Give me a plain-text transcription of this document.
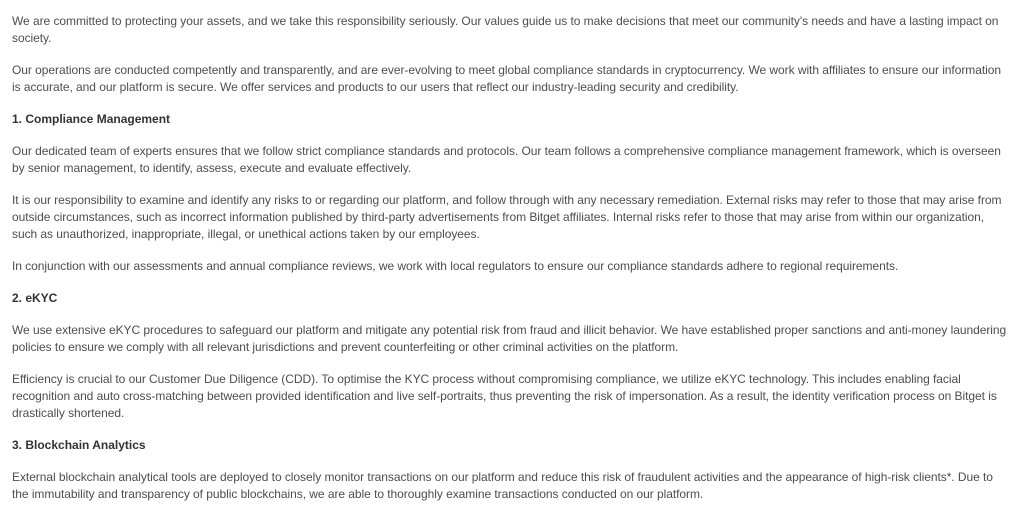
We are committed to protecting your assets, and we take this responsibility seriously. Our values guide us to make decisions that meet our community's needs and have a lasting impact on society.

Our operations are conducted competently and transparently, and are ever-evolving to meet global compliance standards in cryptocurrency. We work with affiliates to ensure our information is accurate, and our platform is secure. We offer services and products to our users that reflect our industry-leading security and credibility.

1. Compliance Management

Our dedicated team of experts ensures that we follow strict compliance standards and protocols. Our team follows a comprehensive compliance management framework, which is overseen by senior management, to identify, assess, execute and evaluate effectively.

It is our responsibility to examine and identify any risks to or regarding our platform, and follow through with any necessary remediation. External risks may refer to those that may arise from outside circumstances, such as incorrect information published by third-party advertisements from Bitget affiliates. Internal risks refer to those that may arise from within our organization, such as unauthorized, inappropriate, illegal, or unethical actions taken by our employees.

In conjunction with our assessments and annual compliance reviews, we work with local regulators to ensure our compliance standards adhere to regional requirements.

2. eKYC

We use extensive eKYC procedures to safeguard our platform and mitigate any potential risk from fraud and illicit behavior. We have established proper sanctions and anti-money laundering policies to ensure we comply with all relevant jurisdictions and prevent counterfeiting or other criminal activities on the platform.

Efficiency is crucial to our Customer Due Diligence (CDD). To optimise the KYC process without compromising compliance, we utilize eKYC technology. This includes enabling facial recognition and auto cross-matching between provided identification and live self-portraits, thus preventing the risk of impersonation. As a result, the identity verification process on Bitget is drastically shortened.

3. Blockchain Analytics

External blockchain analytical tools are deployed to closely monitor transactions on our platform and reduce this risk of fraudulent activities and the appearance of high-risk clients*. Due to the immutability and transparency of public blockchains, we are able to thoroughly examine transactions conducted on our platform.
